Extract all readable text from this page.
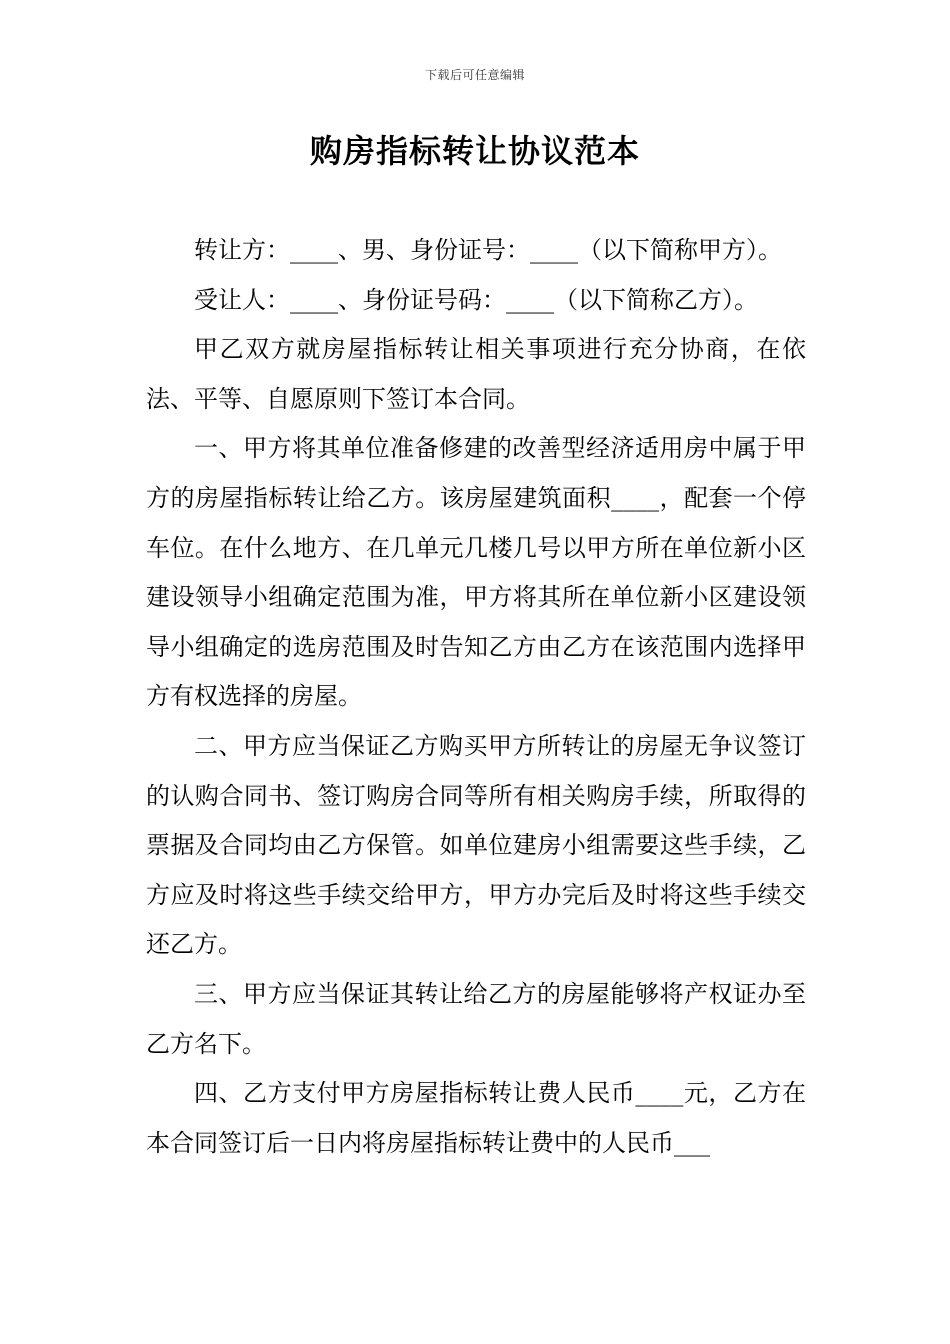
下载后可任意编辑
购房指标转让协议范本

转让方：____、男、身份证号：____（以下简称甲方）。

受让人：____、身份证号码：____（以下简称乙方）。

甲乙双方就房屋指标转让相关事项进行充分协商，在依法、平等、自愿原则下签订本合同。

一、甲方将其单位准备修建的改善型经济适用房中属于甲方的房屋指标转让给乙方。该房屋建筑面积____，配套一个停车位。在什么地方、在几单元几楼几号以甲方所在单位新小区建设领导小组确定范围为准，甲方将其所在单位新小区建设领导小组确定的选房范围及时告知乙方由乙方在该范围内选择甲方有权选择的房屋。

二、甲方应当保证乙方购买甲方所转让的房屋无争议签订的认购合同书、签订购房合同等所有相关购房手续，所取得的票据及合同均由乙方保管。如单位建房小组需要这些手续，乙方应及时将这些手续交给甲方，甲方办完后及时将这些手续交还乙方。

三、甲方应当保证其转让给乙方的房屋能够将产权证办至乙方名下。

四、乙方支付甲方房屋指标转让费人民币____元，乙方在本合同签订后一日内将房屋指标转让费中的人民币___
